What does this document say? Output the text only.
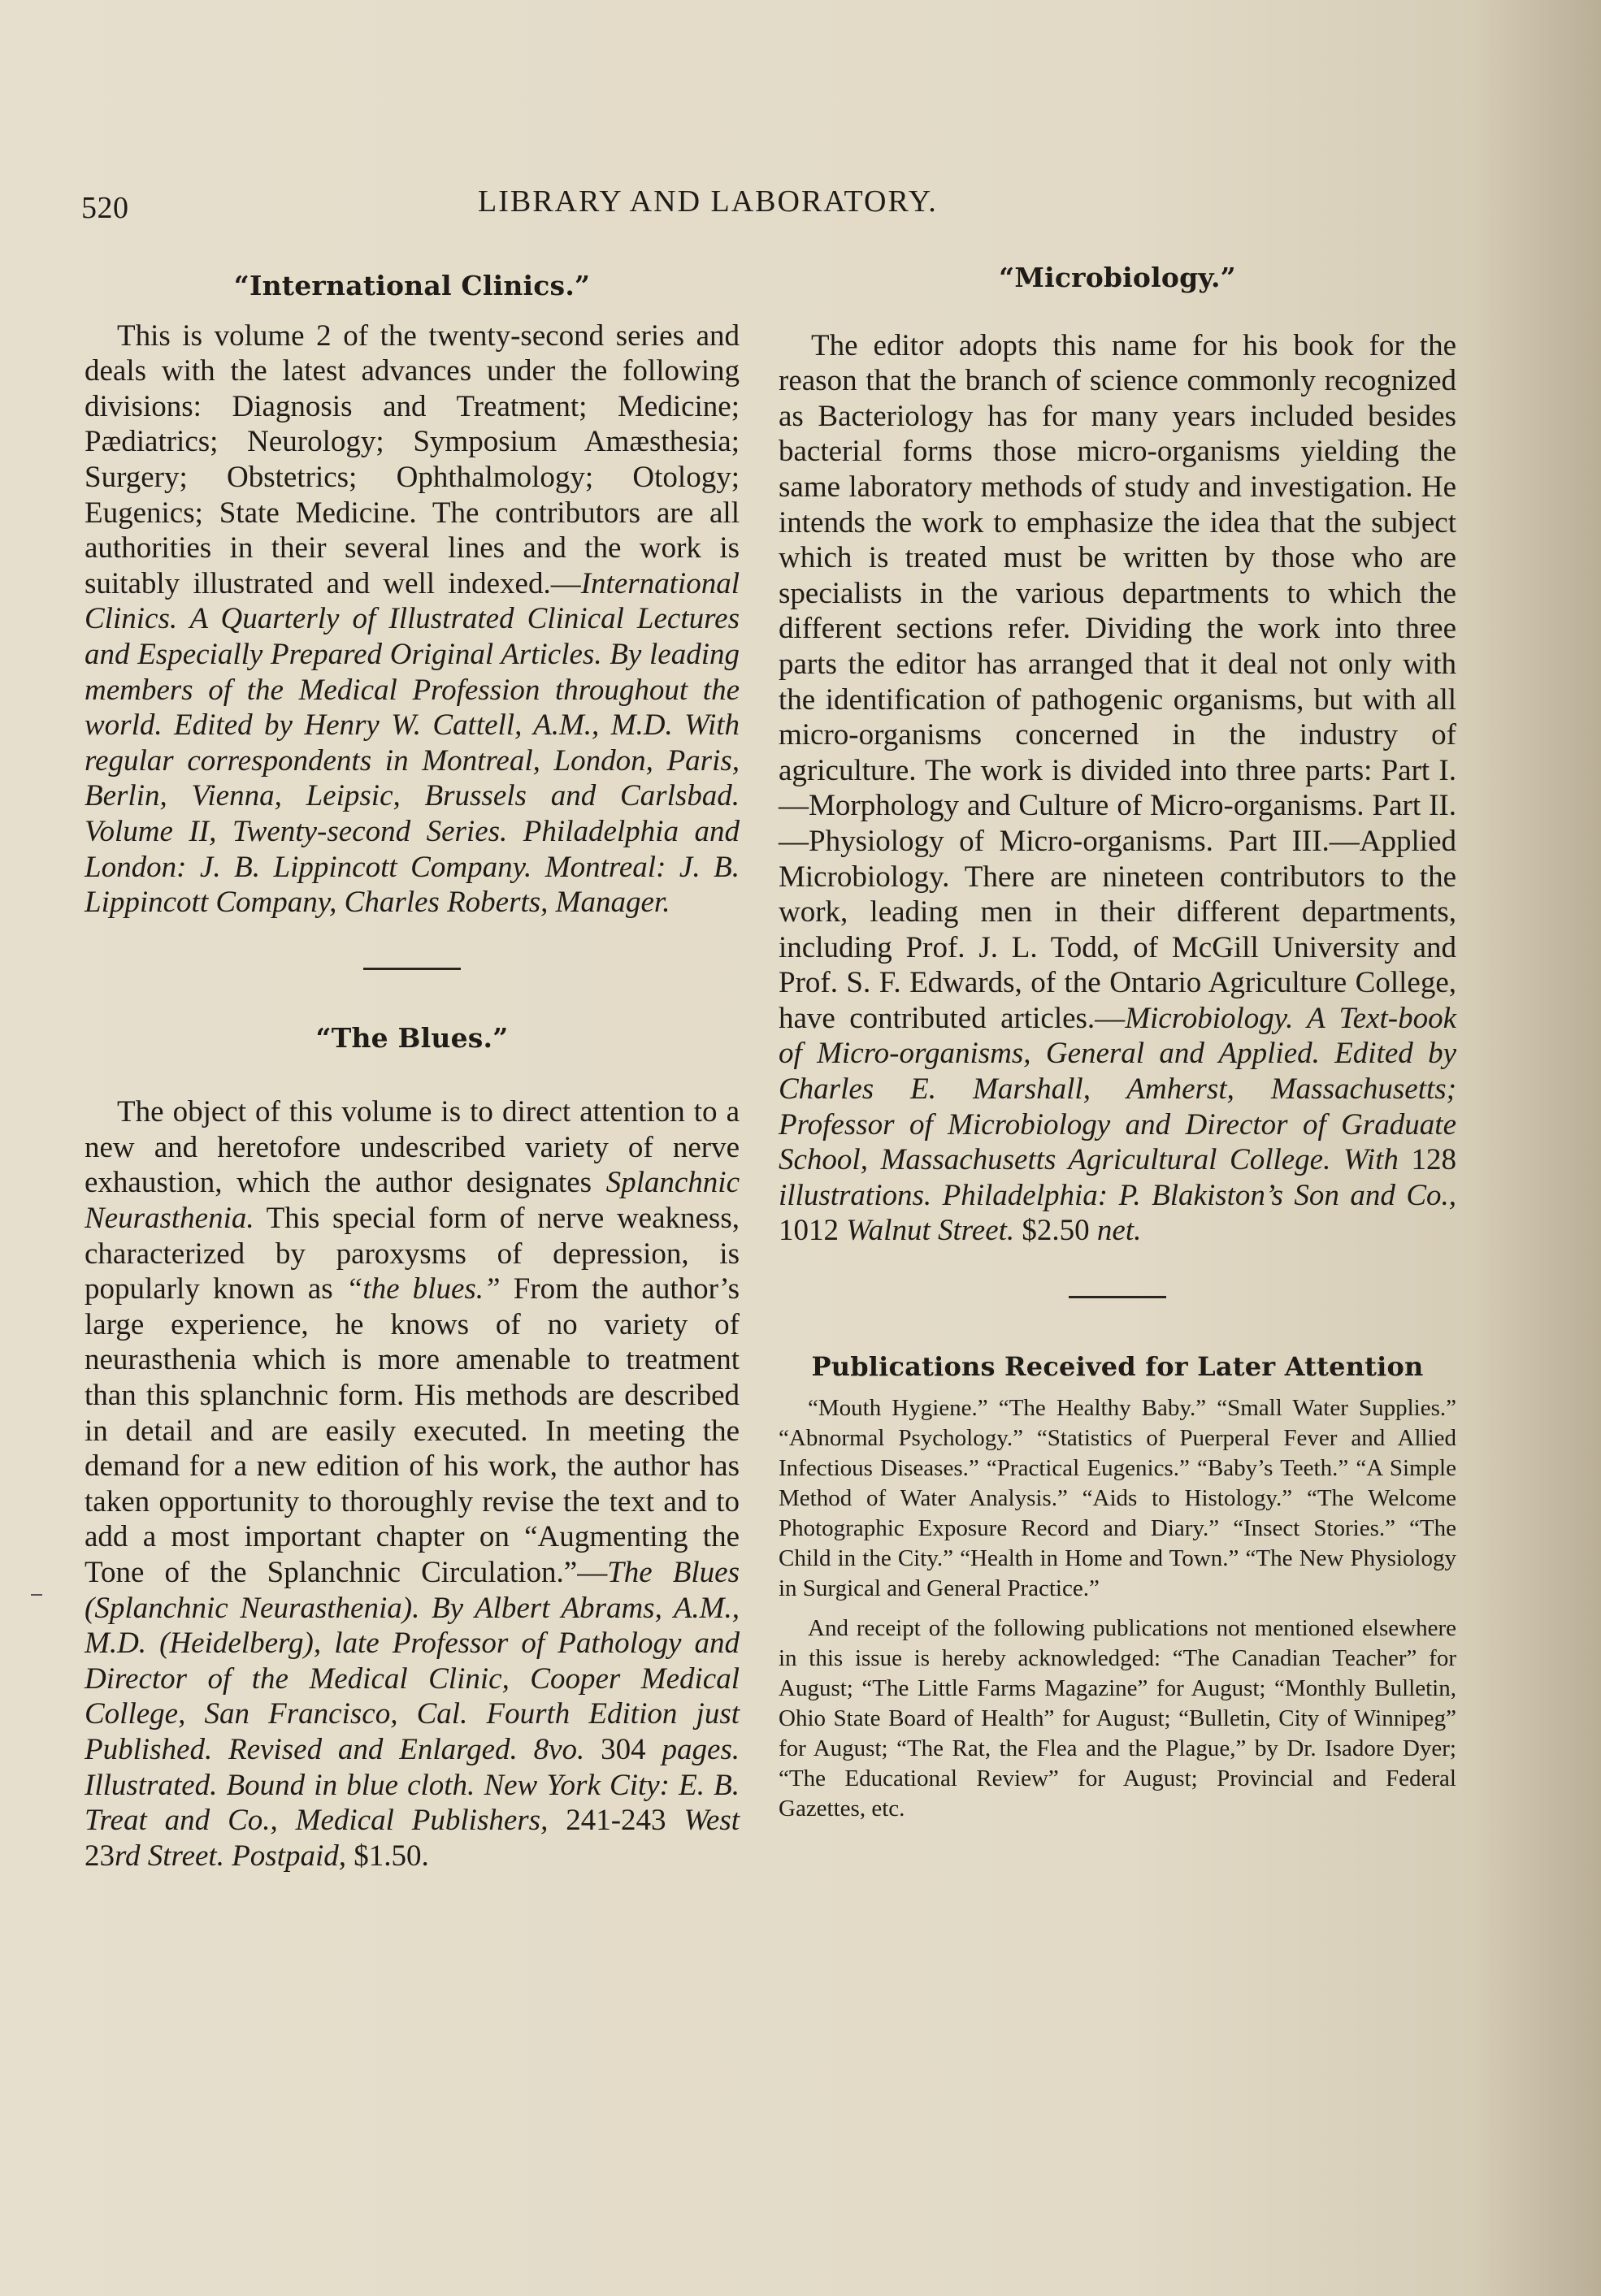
520	LIBRARY AND LABORATORY.
“International Clinics.”

This is volume 2 of the twenty-second series and deals with the latest advances under the following divisions: Diagnosis and Treatment; Medicine; Pædiatrics; Neurology; Symposium Amæsthesia; Surgery; Obstetrics; Ophthalmology; Otology; Eugenics; State Medicine. The contributors are all authorities in their several lines and the work is suitably illustrated and well indexed.—International Clinics. A Quarterly of Illustrated Clinical Lectures and Especially Prepared Original Articles. By leading members of the Medical Profession throughout the world. Edited by Henry W. Cattell, A.M., M.D. With regular correspondents in Montreal, London, Paris, Berlin, Vienna, Leipsic, Brussels and Carlsbad. Volume II, Twenty-second Series. Philadelphia and London: J. B. Lippincott Company. Montreal: J. B. Lippincott Company, Charles Roberts, Manager.

“The Blues.”

The object of this volume is to direct attention to a new and heretofore undescribed variety of nerve exhaustion, which the author designates Splanchnic Neurasthenia. This special form of nerve weakness, characterized by paroxysms of depression, is popularly known as “the blues.” From the author’s large experience, he knows of no variety of neurasthenia which is more amenable to treatment than this splanchnic form. His methods are described in detail and are easily executed. In meeting the demand for a new edition of his work, the author has taken opportunity to thoroughly revise the text and to add a most important chapter on “Augmenting the Tone of the Splanchnic Circulation.”—The Blues (Splanchnic Neurasthenia). By Albert Abrams, A.M., M.D. (Heidelberg), late Professor of Pathology and Director of the Medical Clinic, Cooper Medical College, San Francisco, Cal. Fourth Edition just Published. Revised and Enlarged. 8vo. 304 pages. Illustrated. Bound in blue cloth. New York City: E. B. Treat and Co., Medical Publishers, 241-243 West 23rd Street. Postpaid, $1.50.

“Microbiology.”

The editor adopts this name for his book for the reason that the branch of science commonly recognized as Bacteriology has for many years included besides bacterial forms those micro-organisms yielding the same laboratory methods of study and investigation. He intends the work to emphasize the idea that the subject which is treated must be written by those who are specialists in the various departments to which the different sections refer. Dividing the work into three parts the editor has arranged that it deal not only with the identification of pathogenic organisms, but with all micro-organisms concerned in the industry of agriculture. The work is divided into three parts: Part I.—Morphology and Culture of Micro-organisms. Part II.—Physiology of Micro-organisms. Part III.—Applied Microbiology. There are nineteen contributors to the work, leading men in their different departments, including Prof. J. L. Todd, of McGill University and Prof. S. F. Edwards, of the Ontario Agriculture College, have contributed articles.—Microbiology. A Text-book of Micro-organisms, General and Applied. Edited by Charles E. Marshall, Amherst, Massachusetts; Professor of Microbiology and Director of Graduate School, Massachusetts Agricultural College. With 128 illustrations. Philadelphia: P. Blakiston’s Son and Co., 1012 Walnut Street. $2.50 net.

Publications Received for Later Attention

“Mouth Hygiene.” “The Healthy Baby.” “Small Water Supplies.” “Abnormal Psychology.” “Statistics of Puerperal Fever and Allied Infectious Diseases.” “Practical Eugenics.” “Baby’s Teeth.” “A Simple Method of Water Analysis.” “Aids to Histology.” “The Welcome Photographic Exposure Record and Diary.” “Insect Stories.” “The Child in the City.” “Health in Home and Town.” “The New Physiology in Surgical and General Practice.”

And receipt of the following publications not mentioned elsewhere in this issue is hereby acknowledged: “The Canadian Teacher” for August; “The Little Farms Magazine” for August; “Monthly Bulletin, Ohio State Board of Health” for August; “Bulletin, City of Winnipeg” for August; “The Rat, the Flea and the Plague,” by Dr. Isadore Dyer; “The Educational Review” for August; Provincial and Federal Gazettes, etc.
